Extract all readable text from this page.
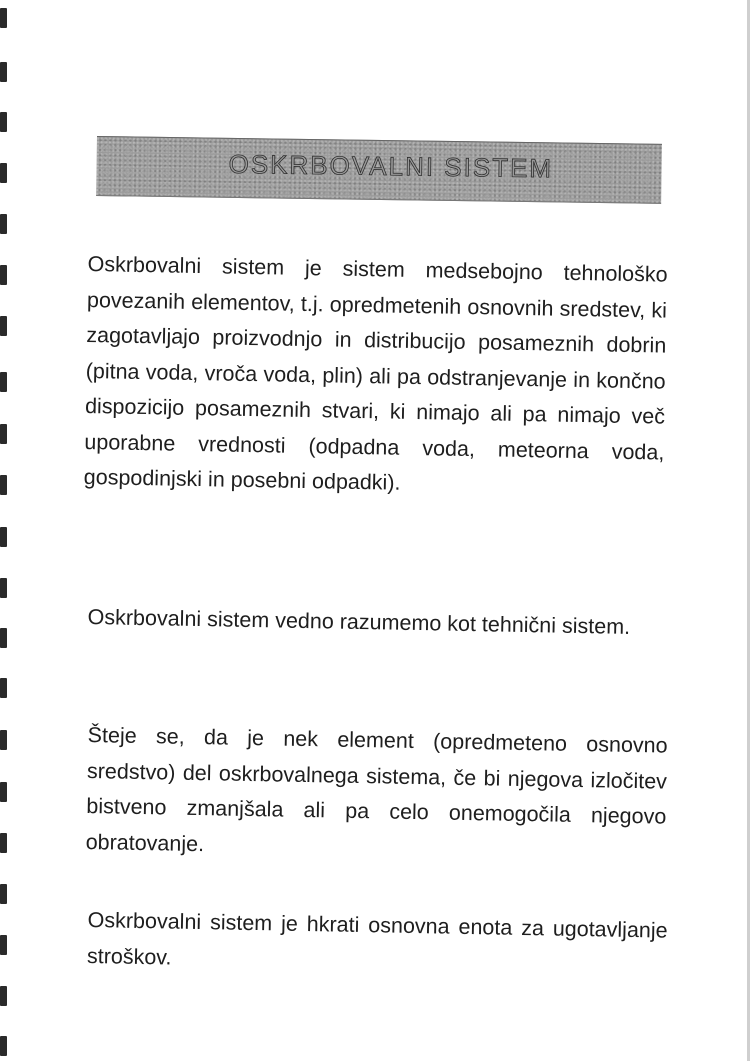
OSKRBOVALNI SISTEM
Oskrbovalni sistem je sistem medsebojno tehnološko povezanih elementov, t.j. opredmetenih osnovnih sredstev, ki zagotavljajo proizvodnjo in distribucijo posameznih dobrin (pitna voda, vroča voda, plin) ali pa odstranjevanje in končno dispozicijo posameznih stvari, ki nimajo ali pa nimajo več uporabne vrednosti (odpadna voda, meteorna voda, gospodinjski in posebni odpadki).
Oskrbovalni sistem vedno razumemo kot tehnični sistem.
Šteje se, da je nek element (opredmeteno osnovno sredstvo) del oskrbovalnega sistema, če bi njegova izločitev bistveno zmanjšala ali pa celo onemogočila njegovo obratovanje.
Oskrbovalni sistem je hkrati osnovna enota za ugotavljanje stroškov.
